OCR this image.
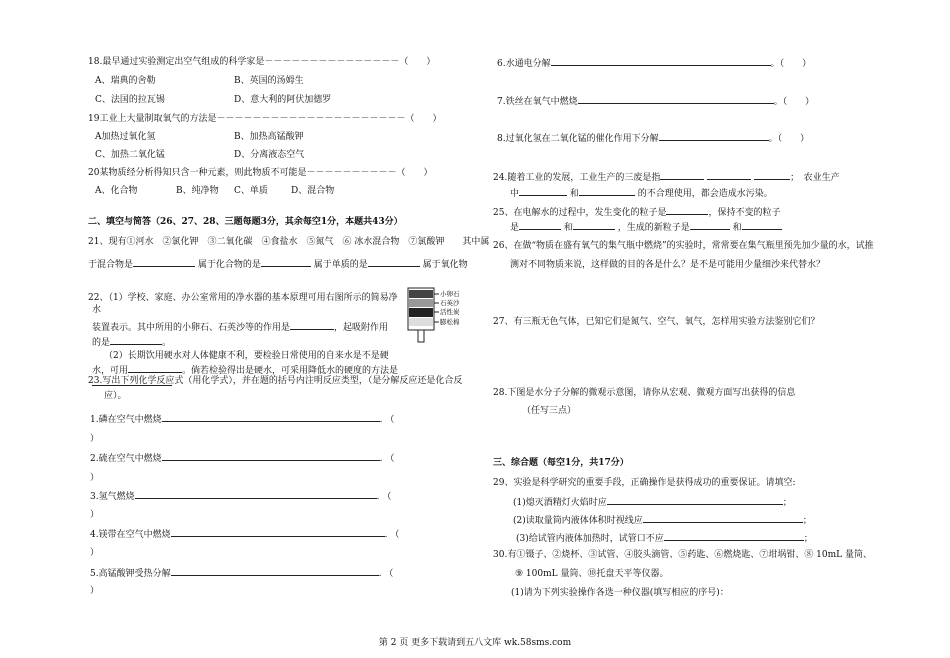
18.最早通过实验测定出空气组成的科学家是－－－－－－－－－－－－－－－（　　）
A、瑞典的舍勒	B、英国的汤姆生
C、法国的拉瓦锡	D、意大利的阿伏加德罗
19工业上大量制取氧气的方法是－－－－－－－－－－－－－－－－－－－－－（　　）
A加热过氧化氢	B、加热高锰酸钾
C、加热二氧化锰	D、分离液态空气
20某物质经分析得知只含一种元素，则此物质不可能是－－－－－－－－－－（　　）
A、化合物	B、纯净物 C、单质	D、混合物
二、填空与简答（26、27、28、三题每题3分，其余每空1分，本题共43分）
21、现有①河水　②氯化钾　③二氧化碳　④食盐水　⑤氮气　⑥ 冰水混合物　⑦氯酸钾　　其中属
于混合物是	属于化合物的是	属于单质的是	属于氧化物
22、（1）学校、家庭、办公室常用的净水器的基本原理可用右图所示的简易净
水
装置表示。其中所用的小卵石、石英沙等的作用是	，起吸附作用
的是	。
（2）长期饮用硬水对人体健康不利，要检验日常使用的自来水是不是硬
水，可用	。倘若检验得出是硬水，可采用降低水的硬度的方法是
小卵石
石英沙
活性炭
膨松棉
23.写出下列化学反应式（用化学式），并在题的括号内注明反应类型，（是分解反应还是化合反
应）。
1.磷在空气中燃烧	. （
）
2.硫在空气中燃烧	. （
）
3.氢气燃烧	. （
）
4.镁带在空气中燃烧	. （
）
5.高锰酸钾受热分解	. （
）
6.水通电分解	。（　　）
7.铁丝在氧气中燃烧	。（　　）
8.过氧化氢在二氧化锰的催化作用下分解	。（　　）
24.随着工业的发展，工业生产的三废是指	；　农业生产
中	和	的不合理使用，都会造成水污染。
25、在电解水的过程中，发生变化的粒子是	，保持不变的粒子
是	和	，生成的新粒子是	和
26、在做“物质在盛有氧气的集气瓶中燃烧”的实验时，常常要在集气瓶里预先加少量的水，试推
测对不同物质来说，这样做的目的各是什么？是不是可能用少量细沙来代替水？
27、有三瓶无色气体，已知它们是氮气、空气、氧气，怎样用实验方法鉴别它们？
28.下图是水分子分解的微观示意图，请你从宏观、微观方面写出获得的信息
（任写三点）
三、综合题（每空1分，共17分）
29、实验是科学研究的重要手段，正确操作是获得成功的重要保证。请填空:
(1)熄灭酒精灯火焰时应	；
(2)读取量筒内液体体积时视线应	；
(3)给试管内液体加热时，试管口不应	；
30.有①镊子、②烧杯、③试管、④胶头滴管、⑤药匙、⑥燃烧匙、⑦坩埚钳、⑧ 10mL 量筒、
⑨ 100mL 量筒、⑩托盘天平等仪器。
(1)请为下列实验操作各选一种仪器(填写相应的序号)：
第 2 页 更多下载请到五八文库 wk.58sms.com
